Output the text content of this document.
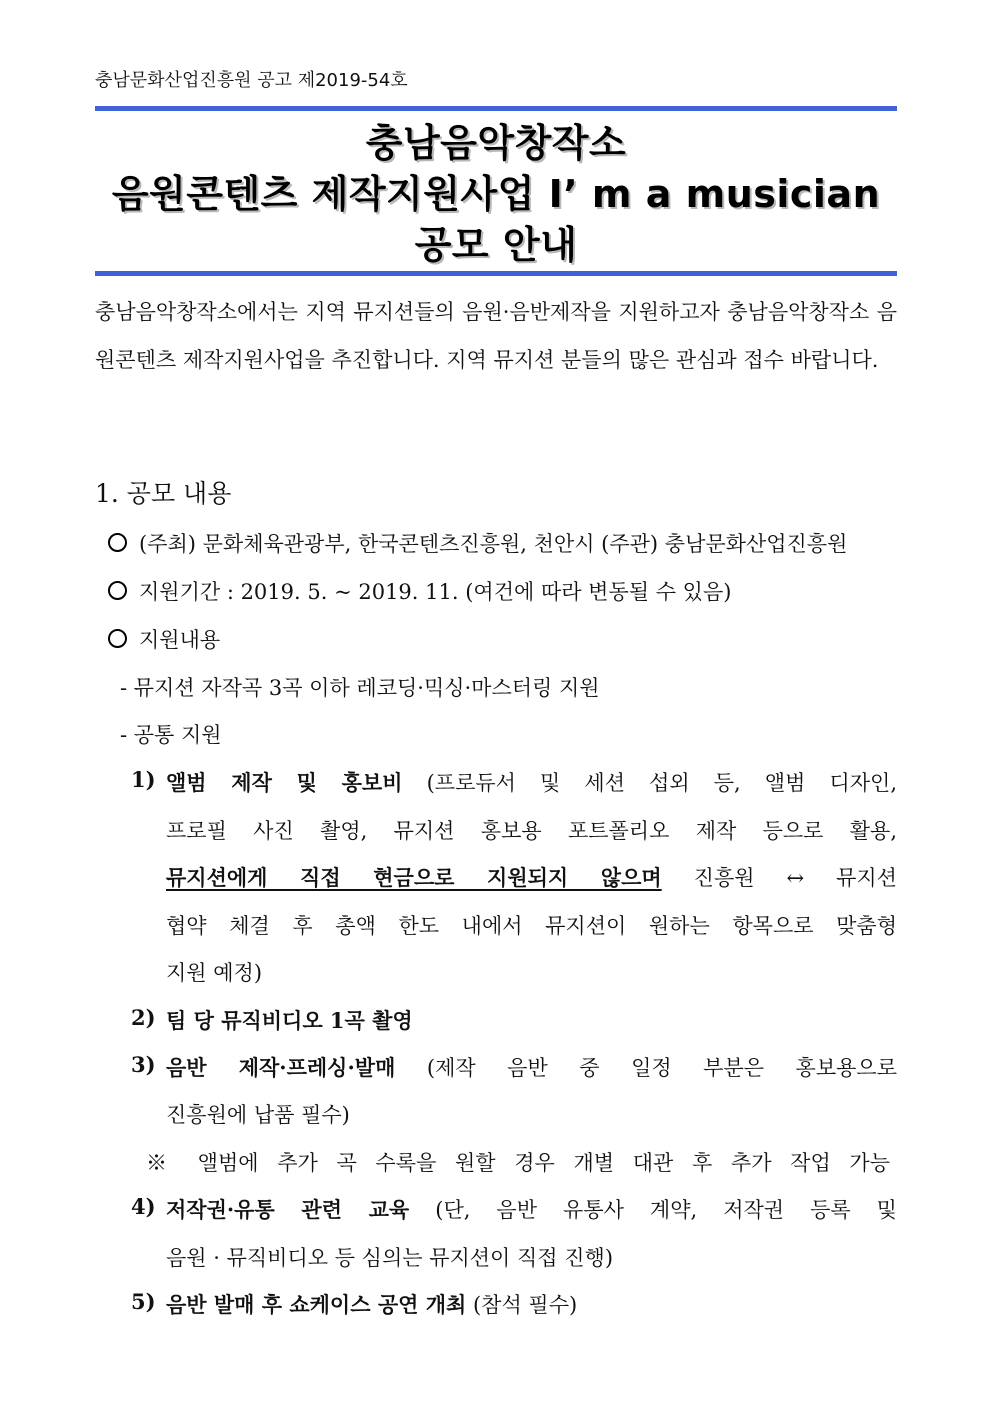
충남문화산업진흥원 공고 제2019-54호
충남음악창작소
음원콘텐츠 제작지원사업 I’ m a musician
공모 안내
충남음악창작소에서는 지역 뮤지션들의 음원·음반제작을 지원하고자 충남음악창작소 음원콘텐츠 제작지원사업을 추진합니다. 지역 뮤지션 분들의 많은 관심과 접수 바랍니다.
1. 공모 내용
(주최) 문화체육관광부, 한국콘텐츠진흥원, 천안시 (주관) 충남문화산업진흥원
지원기간 : 2019. 5. ~ 2019. 11. (여건에 따라 변동될 수 있음)
지원내용
- 뮤지션 자작곡 3곡 이하 레코딩·믹싱·마스터링 지원
- 공통 지원
1) 앨범 제작 및 홍보비 (프로듀서 및 세션 섭외 등, 앨범 디자인,
프로필 사진 촬영, 뮤지션 홍보용 포트폴리오 제작 등으로 활용,
뮤지션에게 직접 현금으로 지원되지 않으며 진흥원 ↔ 뮤지션
협약 체결 후 총액 한도 내에서 뮤지션이 원하는 항목으로 맞춤형
지원 예정)
2) 팀 당 뮤직비디오 1곡 촬영
3) 음반 제작·프레싱·발매 (제작 음반 중 일정 부분은 홍보용으로
진흥원에 납품 필수)
※ 앨범에 추가 곡 수록을 원할 경우 개별 대관 후 추가 작업 가능
4) 저작권·유통 관련 교육 (단, 음반 유통사 계약, 저작권 등록 및
음원 · 뮤직비디오 등 심의는 뮤지션이 직접 진행)
5) 음반 발매 후 쇼케이스 공연 개최 (참석 필수)
